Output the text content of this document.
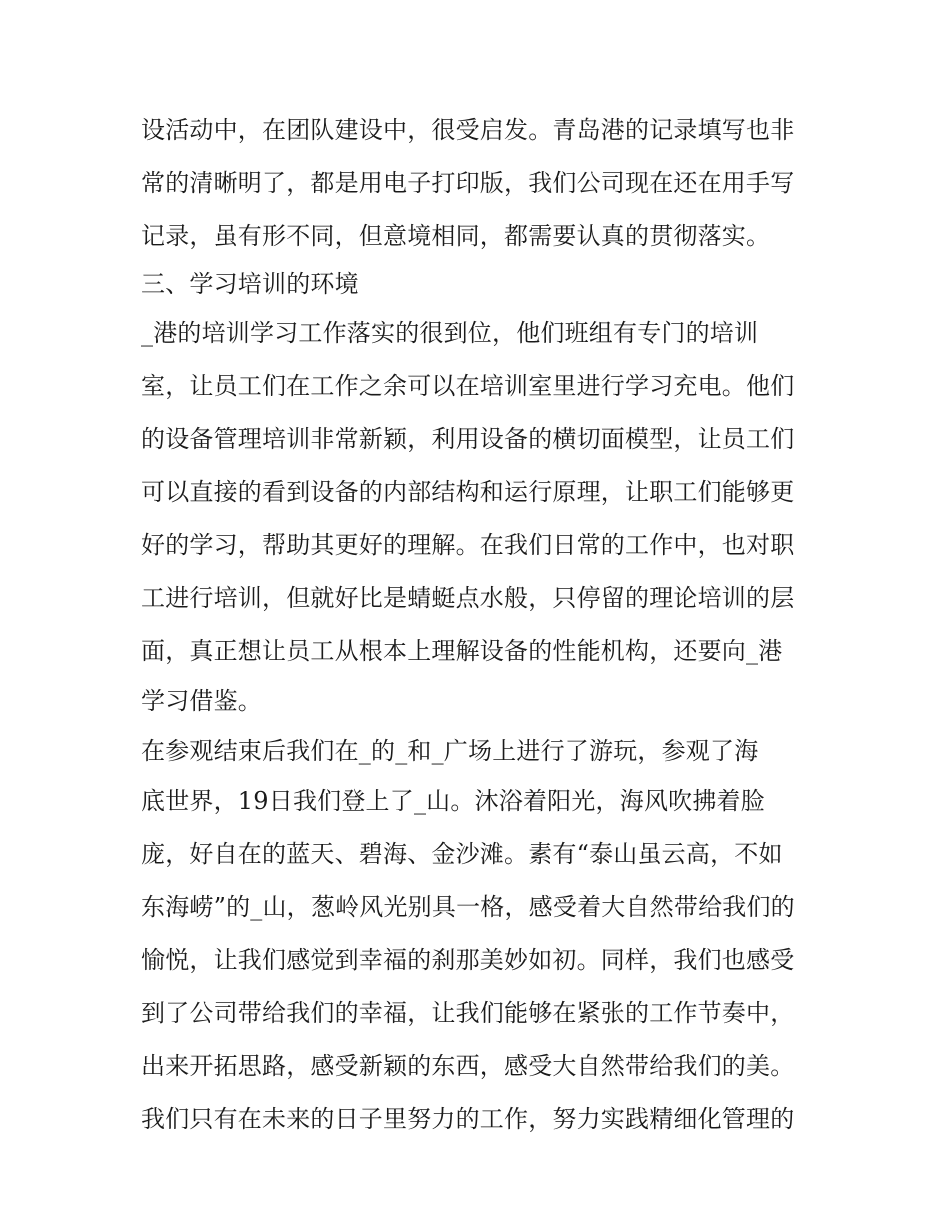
设活动中，在团队建设中，很受启发。青岛港的记录填写也非
常的清晰明了，都是用电子打印版，我们公司现在还在用手写
记录，虽有形不同，但意境相同，都需要认真的贯彻落实。
三、学习培训的环境
_港的培训学习工作落实的很到位，他们班组有专门的培训
室，让员工们在工作之余可以在培训室里进行学习充电。他们
的设备管理培训非常新颖，利用设备的横切面模型，让员工们
可以直接的看到设备的内部结构和运行原理，让职工们能够更
好的学习，帮助其更好的理解。在我们日常的工作中，也对职
工进行培训，但就好比是蜻蜓点水般，只停留的理论培训的层
面，真正想让员工从根本上理解设备的性能机构，还要向_港
学习借鉴。
在参观结束后我们在_的_和_广场上进行了游玩，参观了海
底世界，19日我们登上了_山。沐浴着阳光，海风吹拂着脸
庞，好自在的蓝天、碧海、金沙滩。素有“泰山虽云高，不如
东海崂”的_山，葱岭风光别具一格，感受着大自然带给我们的
愉悦，让我们感觉到幸福的刹那美妙如初。同样，我们也感受
到了公司带给我们的幸福，让我们能够在紧张的工作节奏中，
出来开拓思路，感受新颖的东西，感受大自然带给我们的美。
我们只有在未来的日子里努力的工作，努力实践精细化管理的
